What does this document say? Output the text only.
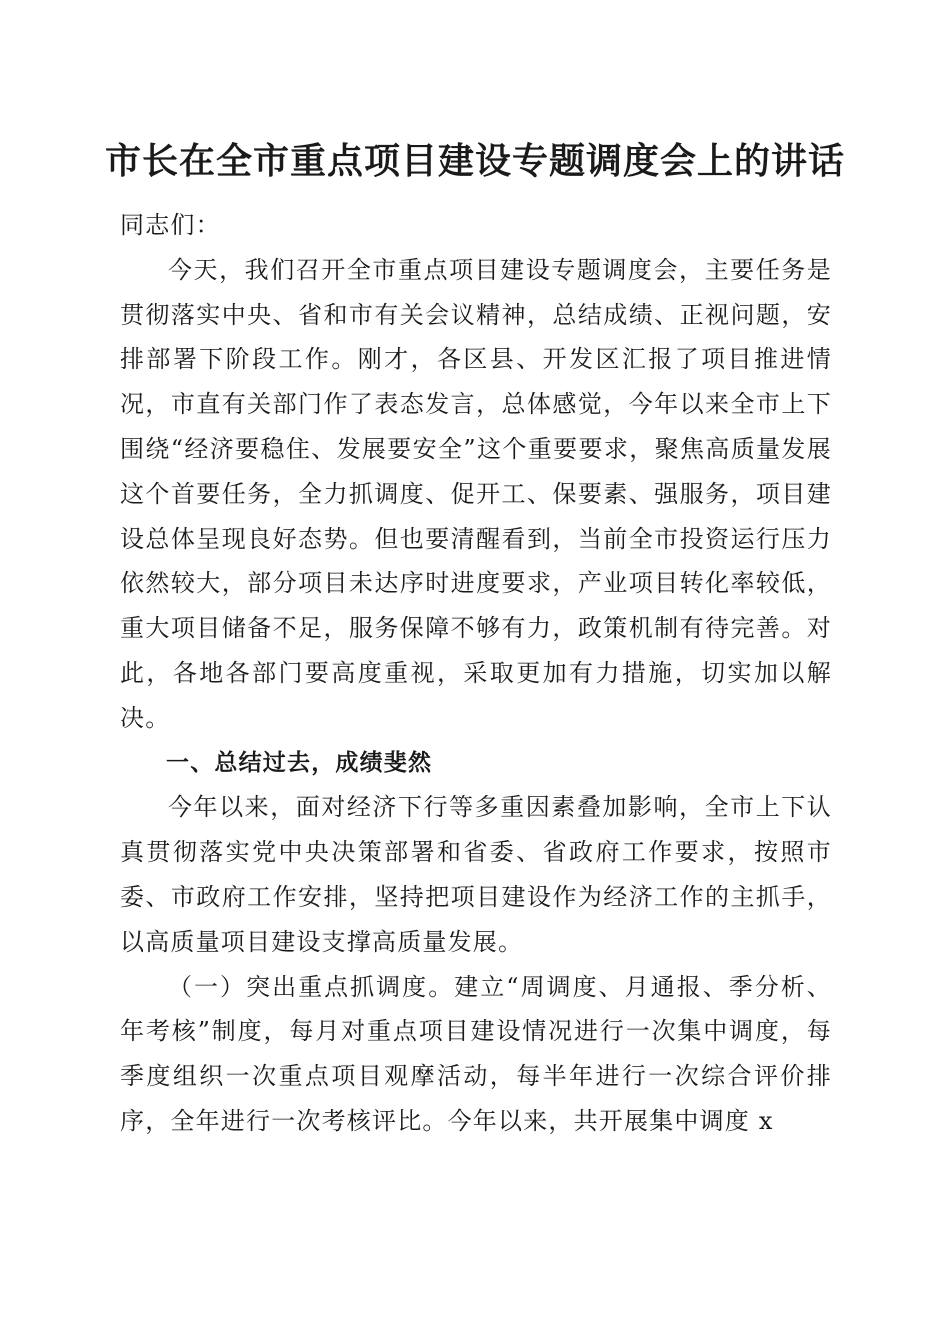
市长在全市重点项目建设专题调度会上的讲话

同志们：

今天，我们召开全市重点项目建设专题调度会，主要任务是贯彻落实中央、省和市有关会议精神，总结成绩、正视问题，安排部署下阶段工作。刚才，各区县、开发区汇报了项目推进情况，市直有关部门作了表态发言，总体感觉，今年以来全市上下围绕“经济要稳住、发展要安全”这个重要要求，聚焦高质量发展这个首要任务，全力抓调度、促开工、保要素、强服务，项目建设总体呈现良好态势。但也要清醒看到，当前全市投资运行压力依然较大，部分项目未达序时进度要求，产业项目转化率较低，重大项目储备不足，服务保障不够有力，政策机制有待完善。对此，各地各部门要高度重视，采取更加有力措施，切实加以解决。

一、总结过去，成绩斐然

今年以来，面对经济下行等多重因素叠加影响，全市上下认真贯彻落实党中央决策部署和省委、省政府工作要求，按照市委、市政府工作安排，坚持把项目建设作为经济工作的主抓手，以高质量项目建设支撑高质量发展。

（一）突出重点抓调度。建立“周调度、月通报、季分析、年考核”制度，每月对重点项目建设情况进行一次集中调度，每季度组织一次重点项目观摩活动，每半年进行一次综合评价排序，全年进行一次考核评比。今年以来，共开展集中调度 x
